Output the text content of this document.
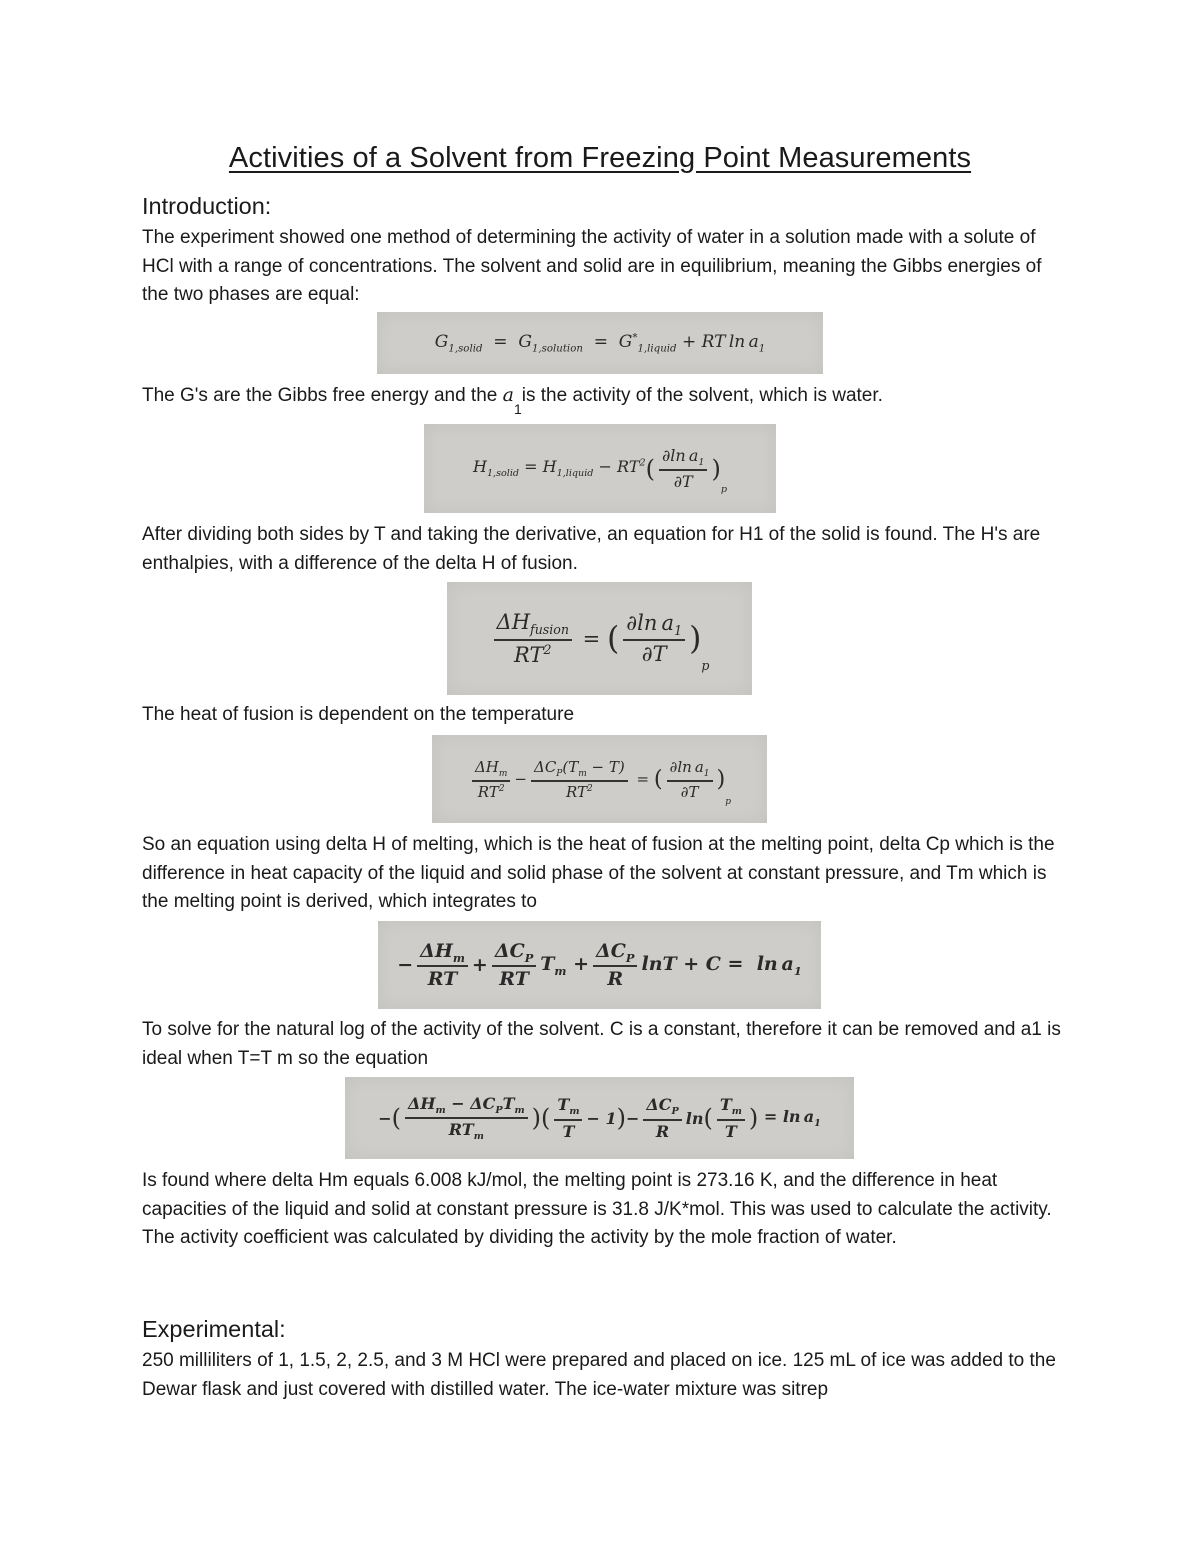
Activities of a Solvent from Freezing Point Measurements
Introduction:

The experiment showed one method of determining the activity of water in a solution made with a solute of HCl with a range of concentrations. The solvent and solid are in equilibrium, meaning the Gibbs energies of the two phases are equal:

$G_{1,solid} = G_{1,solution} = G^*_{1,liquid}$ + RT $\ln a_1$

The G's are the Gibbs free energy and the $a_1is$ the activity of the solvent, which is water.

$H_{1,solid} = H_{1,liquid} - RT^2$ ( $\frac{\partial\ln a_1}{\partial T}$ )
p

After dividing both sides by T and taking the derivative, an equation for H1 of the solid is found. The H's are enthalpies, with a difference of the delta H of fusion.

$\frac{\Delta H_{fusion}}{RT^2}$ = ( $\frac{\partial\ln a_1}{\partial T}$ )
p

The heat of fusion is dependent on the temperature

$\frac{\Delta H_m}{RT^2} - \frac{\Delta C_P(T_m - T)}{RT^2}$ = ( $\frac{\partial\ln a_1}{\partial T}$ )
p

So an equation using delta H of melting, which is the heat of fusion at the melting point, delta Cp which is the difference in heat capacity of the liquid and solid phase of the solvent at constant pressure, and Tm which is the melting point is derived, which integrates to

− $\frac{\Delta H_m}{RT} + \frac{\Delta C_P}{RT} T_m + \frac{\Delta C_P}{R}$ $\ln T + C = \ln a_1$

To solve for the natural log of the activity of the solvent. C is a constant, therefore it can be removed and a1 is ideal when T=T m so the equation

− ( $\frac{\Delta H_m - \Delta C_PT_m}{RT_m}$ ) ( $\frac{T_m}{T} - 1$ ) − $\frac{\Delta C_P}{R}$ ln ( $\frac{T_m}{T}$ ) = $\ln a_1$

Is found where delta Hm equals 6.008 kJ/mol, the melting point is 273.16 K, and the difference in heat capacities of the liquid and solid at constant pressure is 31.8 J/K*mol. This was used to calculate the activity. The activity coefficient was calculated by dividing the activity by the mole fraction of water.

Experimental:

250 milliliters of 1, 1.5, 2, 2.5, and 3 M HCl were prepared and placed on ice. 125 mL of ice was added to the Dewar flask and just covered with distilled water. The ice-water mixture was sitrep
